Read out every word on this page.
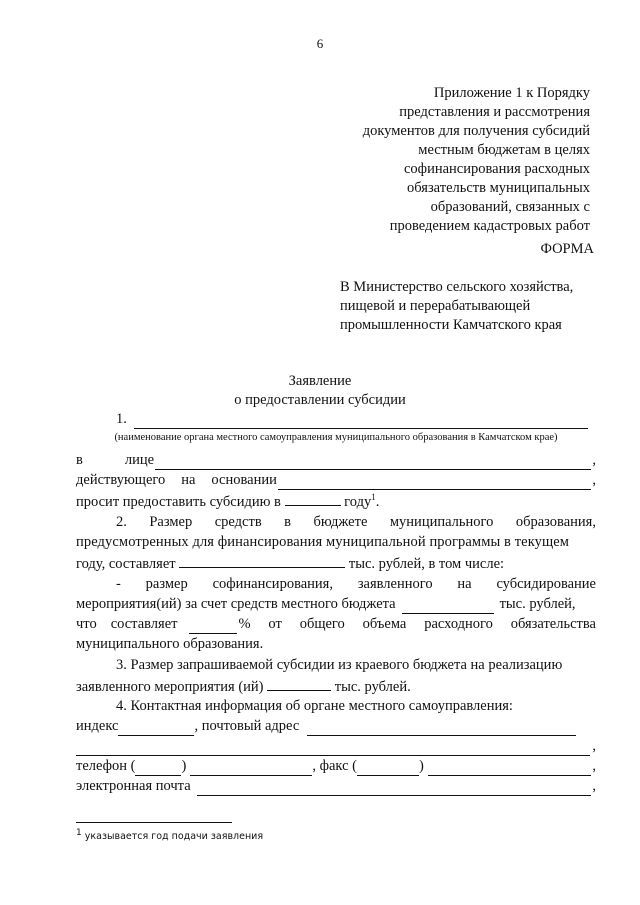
6
Приложение 1 к Порядку
представления и рассмотрения
документов для получения субсидий
местным бюджетам в целях
софинансирования расходных
обязательств муниципальных
образований, связанных с
проведением кадастровых работ
ФОРМА
В Министерство сельского хозяйства,
пищевой и перерабатывающей
промышленности Камчатского края
Заявление
о предоставлении субсидии
1.
(наименование органа местного самоуправления муниципального образования в Камчатском крае)
в	лице	,
действующего на основании	,
просит предоставить субсидию в	году$^1$.
2. Размер средств в бюджете муниципального образования,
предусмотренных для финансирования муниципальной программы в текущем
году, составляет	тыс. рублей, в том числе:
- размер софинансирования, заявленного на субсидирование
мероприятия(ий) за счет средств местного бюджета	тыс. рублей,
что составляет	% от общего объема расходного обязательства
муниципального образования.
3. Размер запрашиваемой субсидии из краевого бюджета на реализацию
заявленного мероприятия (ий)	тыс. рублей.
4. Контактная информация об органе местного самоуправления:
индекс	, почтовый адрес
,
телефон (	)	, факс (	)	,
электронная почта	,
$^1$ указывается год подачи заявления
